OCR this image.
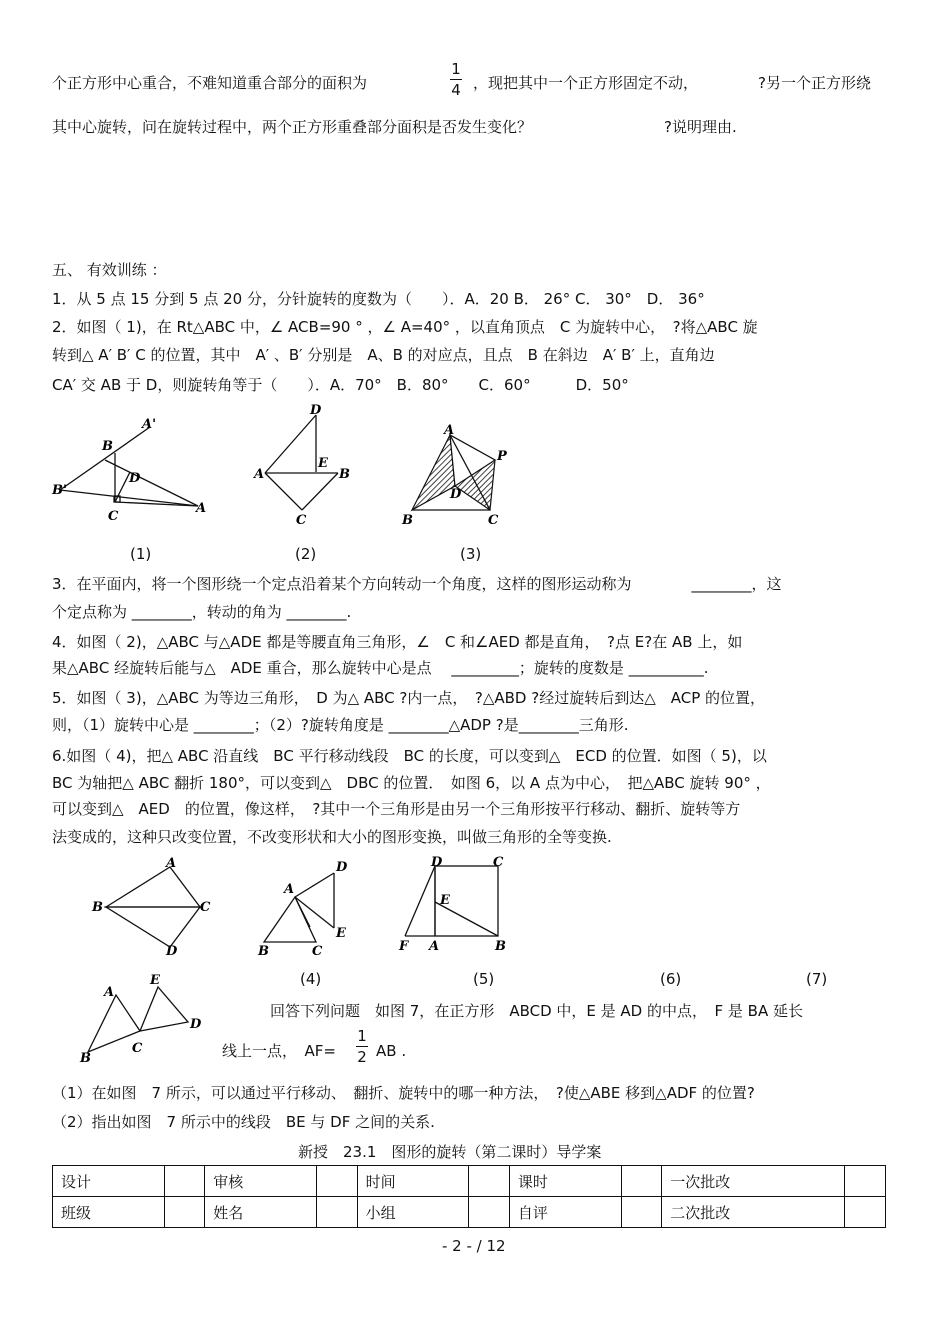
个正方形中心重合，不难知道重合部分的面积为
1
4 ，现把其中一个正方形固定不动，	?另一个正方形绕
其中心旋转，问在旋转过程中，两个正方形重叠部分面积是否发生变化？	?说明理由.
五、 有效训练 ：
1．从 5 点 15 分到 5 点 20 分，分针旋转的度数为（　　）．A．20 B． 26° C． 30°　D． 36°
2．如图（ 1)，在 Rt△ABC 中，∠ ACB=90 ° ，∠ A=40° ，以直角顶点　C 为旋转中心，　?将△ABC 旋
转到△ A′ B′ C 的位置，其中　A′ 、B′ 分别是　A、B 的对应点，且点　B 在斜边　A′ B′ 上，直角边
CA′ 交 AB 于 D，则旋转角等于（　　）．A．70°　B．80°　　C．60°　　　D．50°
B
A'
B'
D
C
A
D
A
E
B
C
A
P
D
B	C
(1)	(2)	(3)
3．在平面内，将一个图形绕一个定点沿着某个方向转动一个角度，这样的图形运动称为　　　　________，这
个定点称为 ________，转动的角为 ________.
4．如图（ 2)，△ABC 与△ADE 都是等腰直角三角形，∠　C 和∠AED 都是直角，　?点 E?在 AB 上，如
果△ABC 经旋转后能与△　ADE 重合，那么旋转中心是点　 _________；旋转的度数是 __________.
5．如图（ 3)，△ABC 为等边三角形，　D 为△ ABC ?内一点，　?△ABD ?经过旋转后到达△　ACP 的位置，
则，（1）旋转中心是 ________；（2）?旋转角度是 ________△ADP ?是________三角形.
6.如图（ 4)，把△ ABC 沿直线　BC 平行移动线段　BC 的长度，可以变到△　ECD 的位置．如图（ 5)，以
BC 为轴把△ ABC 翻折 180°，可以变到△　DBC 的位置．　如图 6，以 A 点为中心，　把△ABC 旋转 90° ，
可以变到△　AED　的位置，像这样，　?其中一个三角形是由另一个三角形按平行移动、翻折、旋转等方
法变成的，这种只改变位置，不改变形状和大小的图形变换，叫做三角形的全等变换.
A
B	C
D
A
D
E
B	C
D	C
E
F A	B
(4)	(5)	(6)	(7)
A
E
D
B
C
回答下列问题　如图 7，在正方形　ABCD 中，E 是 AD 的中点，　F 是 BA 延长
线上一点，　AF=
1
2 AB .
（1）在如图　7 所示，可以通过平行移动、　翻折、旋转中的哪一种方法，　?使△ABE 移到△ADF 的位置?
（2）指出如图　7 所示中的线段　BE 与 DF 之间的关系.
新授　23.1　图形的旋转（第二课时）导学案
设计		审核		时间		课时		一次批改	
班级		姓名		小组		自评		二次批改	
- 2 - / 12
